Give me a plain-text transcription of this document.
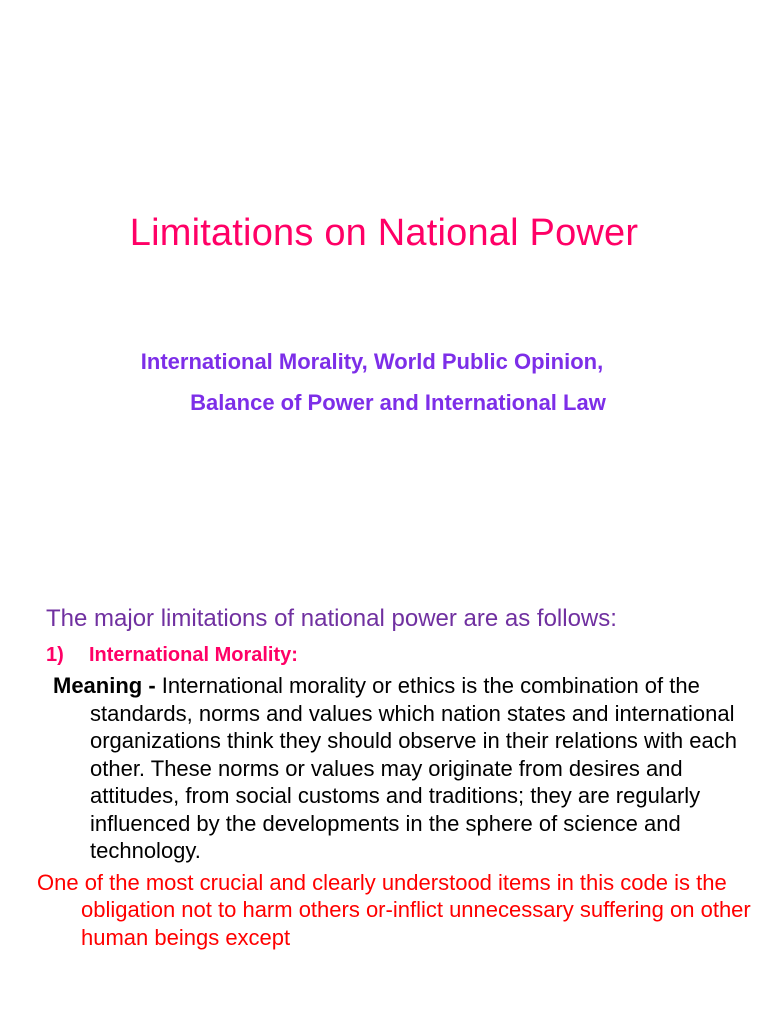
Limitations on National Power

International Morality, World Public Opinion,

Balance of Power and International Law

The major limitations of national power are as follows:

1) International Morality:

Meaning - International morality or ethics is the combination of the standards, norms and values which nation states and international organizations think they should observe in their relations with each other. These norms or values may originate from desires and attitudes, from social customs and traditions; they are regularly influenced by the developments in the sphere of science and technology.

One of the most crucial and clearly understood items in this code is the obligation not to harm others or-inflict unnecessary suffering on other human beings except
